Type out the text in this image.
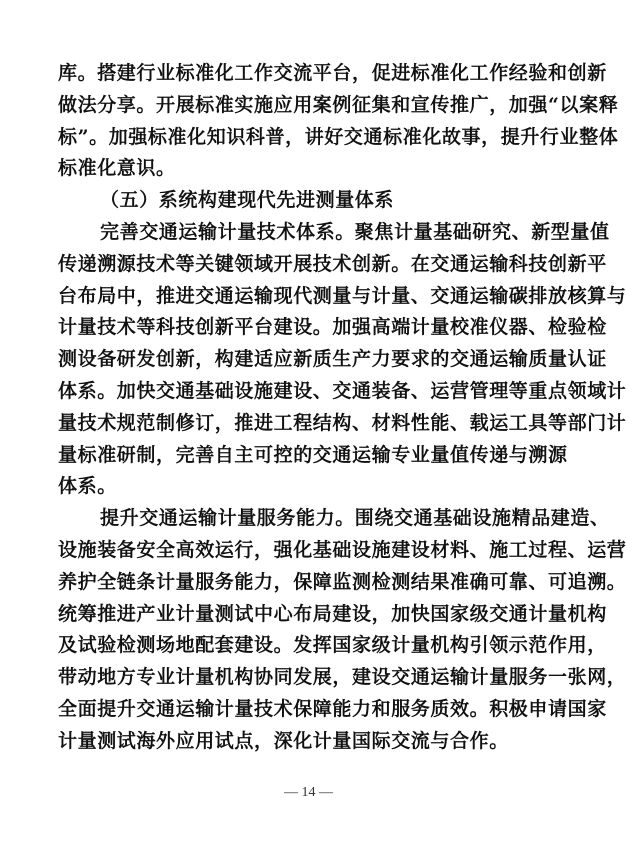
库。搭建行业标准化工作交流平台，促进标准化工作经验和创新
做法分享。开展标准实施应用案例征集和宣传推广，加强“以案释
标”。加强标准化知识科普，讲好交通标准化故事，提升行业整体
标准化意识。
（五）系统构建现代先进测量体系
完善交通运输计量技术体系。聚焦计量基础研究、新型量值
传递溯源技术等关键领域开展技术创新。在交通运输科技创新平
台布局中，推进交通运输现代测量与计量、交通运输碳排放核算与
计量技术等科技创新平台建设。加强高端计量校准仪器、检验检
测设备研发创新，构建适应新质生产力要求的交通运输质量认证
体系。加快交通基础设施建设、交通装备、运营管理等重点领域计
量技术规范制修订，推进工程结构、材料性能、载运工具等部门计
量标准研制，完善自主可控的交通运输专业量值传递与溯源
体系。
提升交通运输计量服务能力。围绕交通基础设施精品建造、
设施装备安全高效运行，强化基础设施建设材料、施工过程、运营
养护全链条计量服务能力，保障监测检测结果准确可靠、可追溯。
统筹推进产业计量测试中心布局建设，加快国家级交通计量机构
及试验检测场地配套建设。发挥国家级计量机构引领示范作用，
带动地方专业计量机构协同发展，建设交通运输计量服务一张网，
全面提升交通运输计量技术保障能力和服务质效。积极申请国家
计量测试海外应用试点，深化计量国际交流与合作。
— 14 —
